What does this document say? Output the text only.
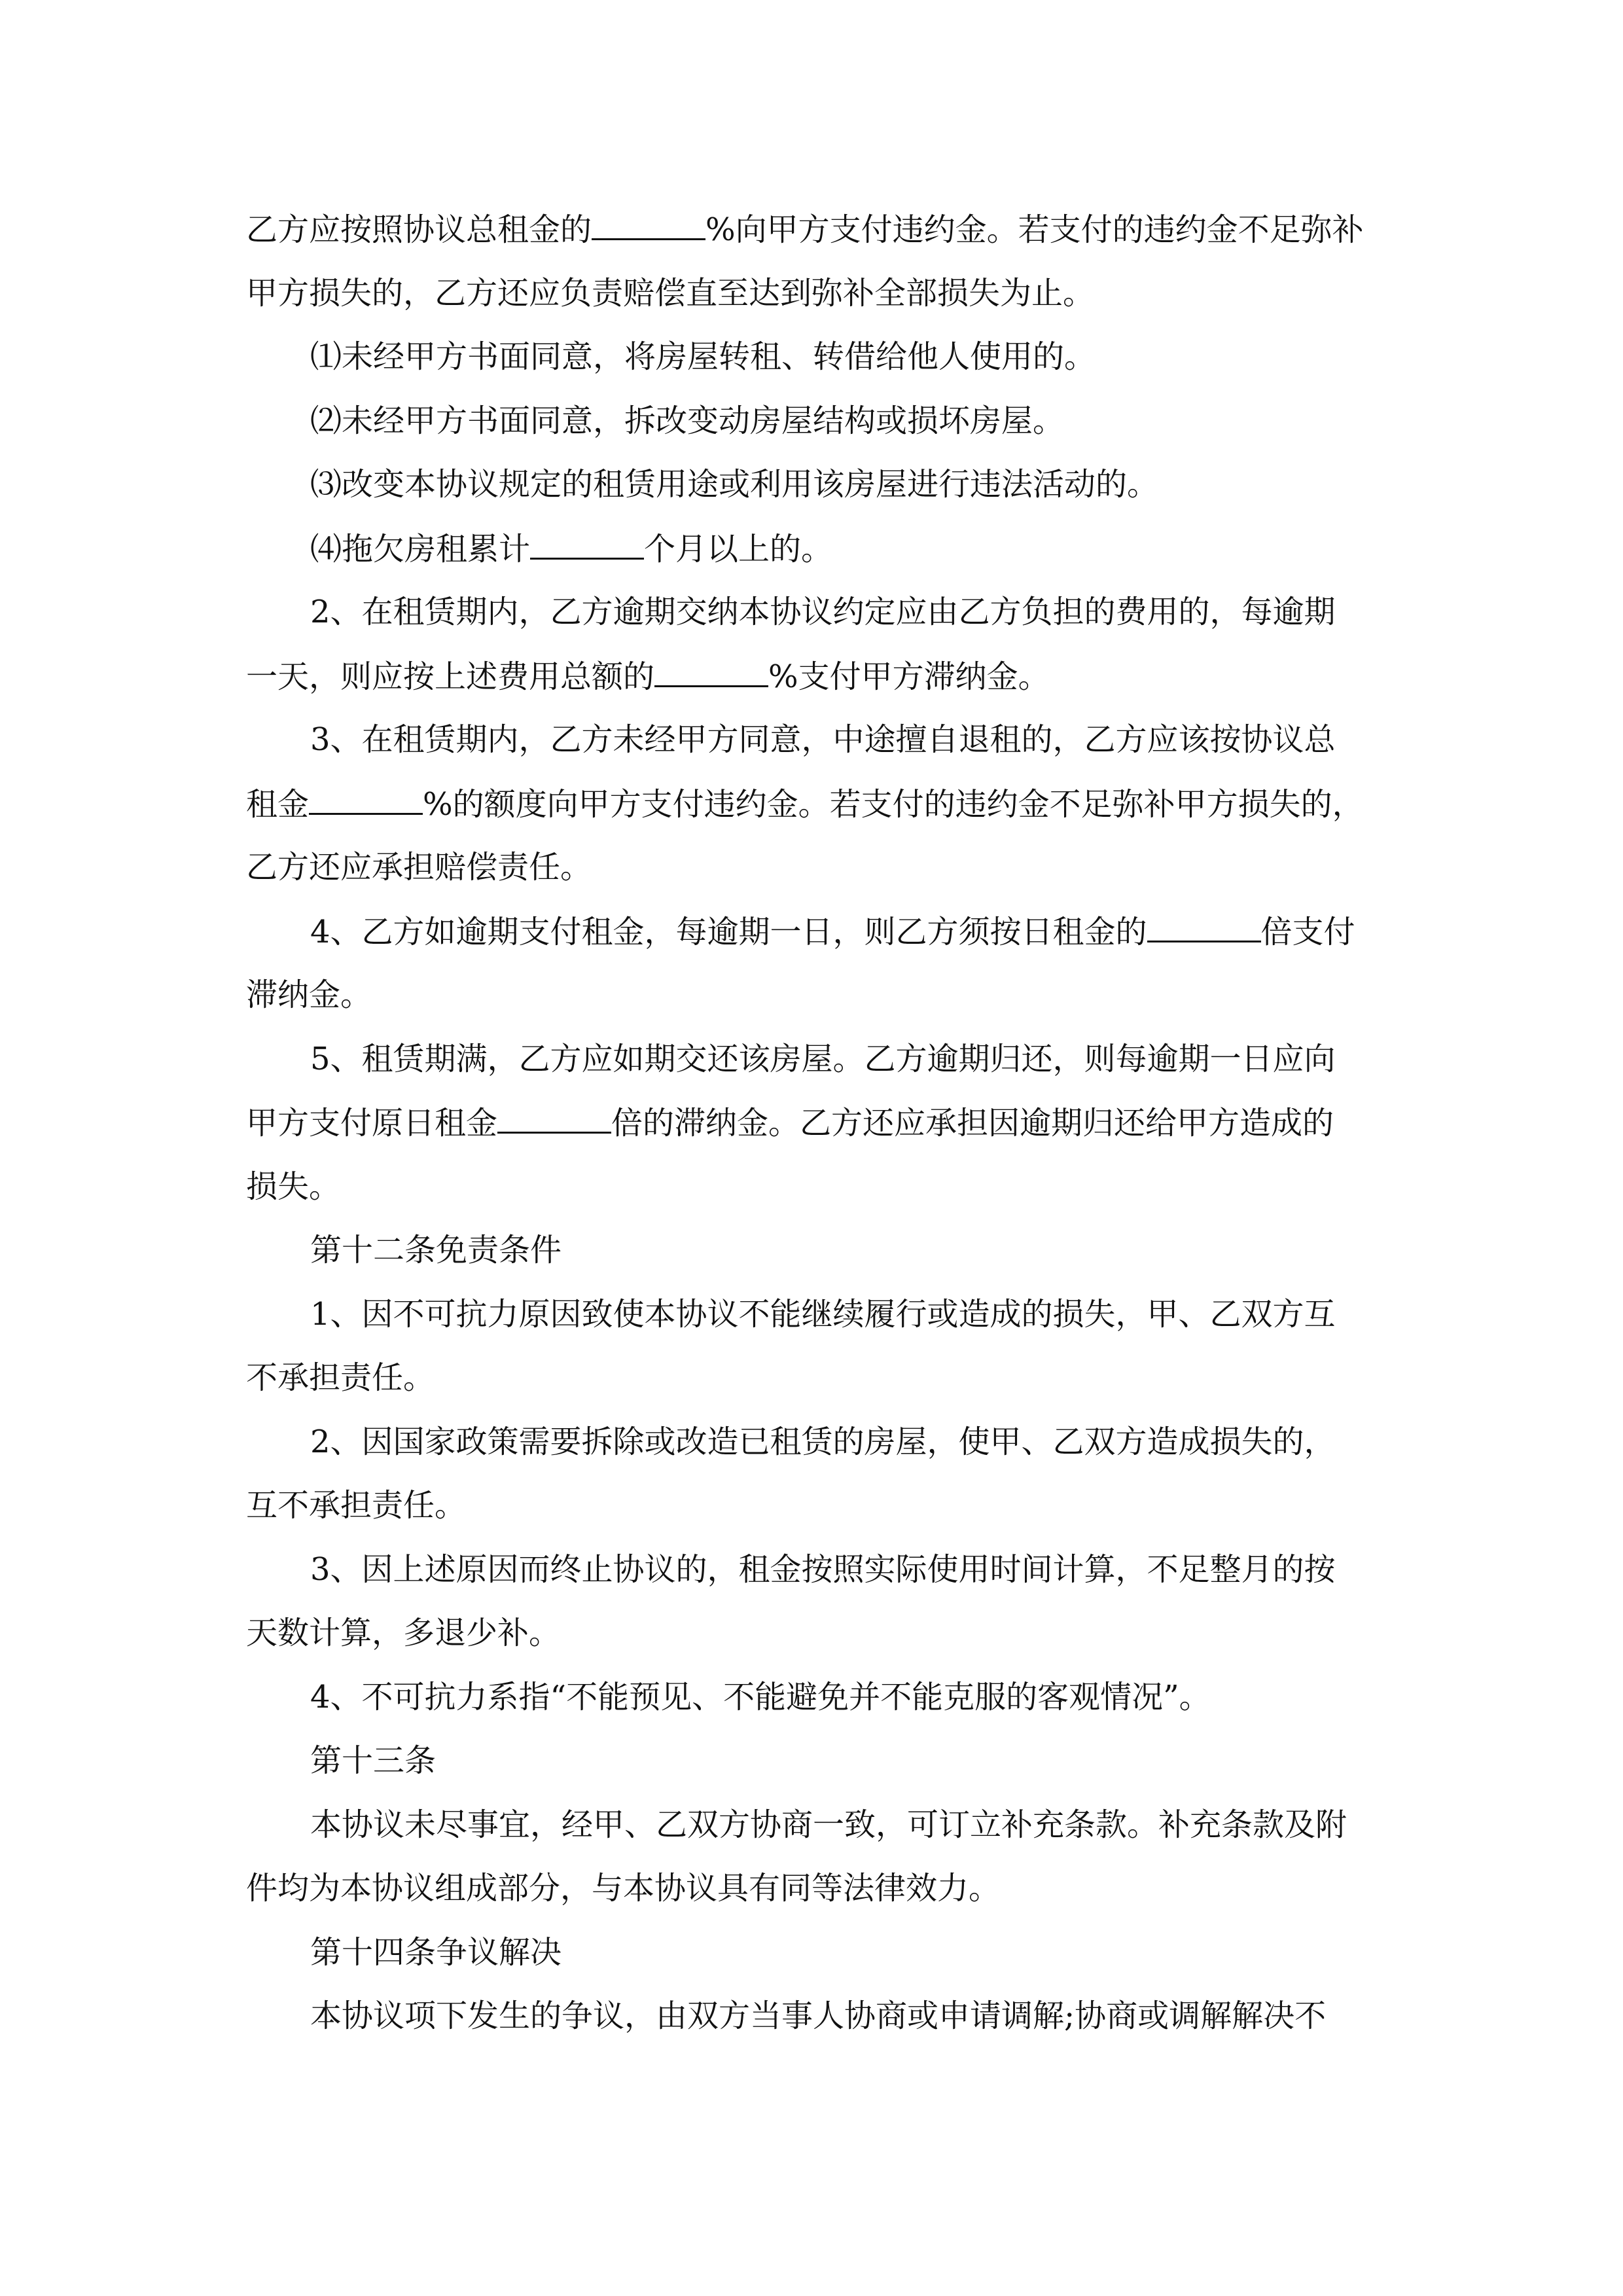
乙方应按照协议总租金的	%向甲方支付违约金。若支付的违约金不足弥补
甲方损失的，乙方还应负责赔偿直至达到弥补全部损失为止。
⑴未经甲方书面同意，将房屋转租、转借给他人使用的。
⑵未经甲方书面同意，拆改变动房屋结构或损坏房屋。
⑶改变本协议规定的租赁用途或利用该房屋进行违法活动的。
⑷拖欠房租累计	个月以上的。
2、在租赁期内，乙方逾期交纳本协议约定应由乙方负担的费用的，每逾期
一天，则应按上述费用总额的	%支付甲方滞纳金。
3、在租赁期内，乙方未经甲方同意，中途擅自退租的，乙方应该按协议总
租金	%的额度向甲方支付违约金。若支付的违约金不足弥补甲方损失的，
乙方还应承担赔偿责任。
4、乙方如逾期支付租金，每逾期一日，则乙方须按日租金的	倍支付
滞纳金。
5、租赁期满，乙方应如期交还该房屋。乙方逾期归还，则每逾期一日应向
甲方支付原日租金	倍的滞纳金。乙方还应承担因逾期归还给甲方造成的
损失。
第十二条免责条件
1、因不可抗力原因致使本协议不能继续履行或造成的损失，甲、乙双方互
不承担责任。
2、因国家政策需要拆除或改造已租赁的房屋，使甲、乙双方造成损失的，
互不承担责任。
3、因上述原因而终止协议的，租金按照实际使用时间计算，不足整月的按
天数计算，多退少补。
4、不可抗力系指“不能预见、不能避免并不能克服的客观情况”。
第十三条
本协议未尽事宜，经甲、乙双方协商一致，可订立补充条款。补充条款及附
件均为本协议组成部分，与本协议具有同等法律效力。
第十四条争议解决
本协议项下发生的争议，由双方当事人协商或申请调解;协商或调解解决不
